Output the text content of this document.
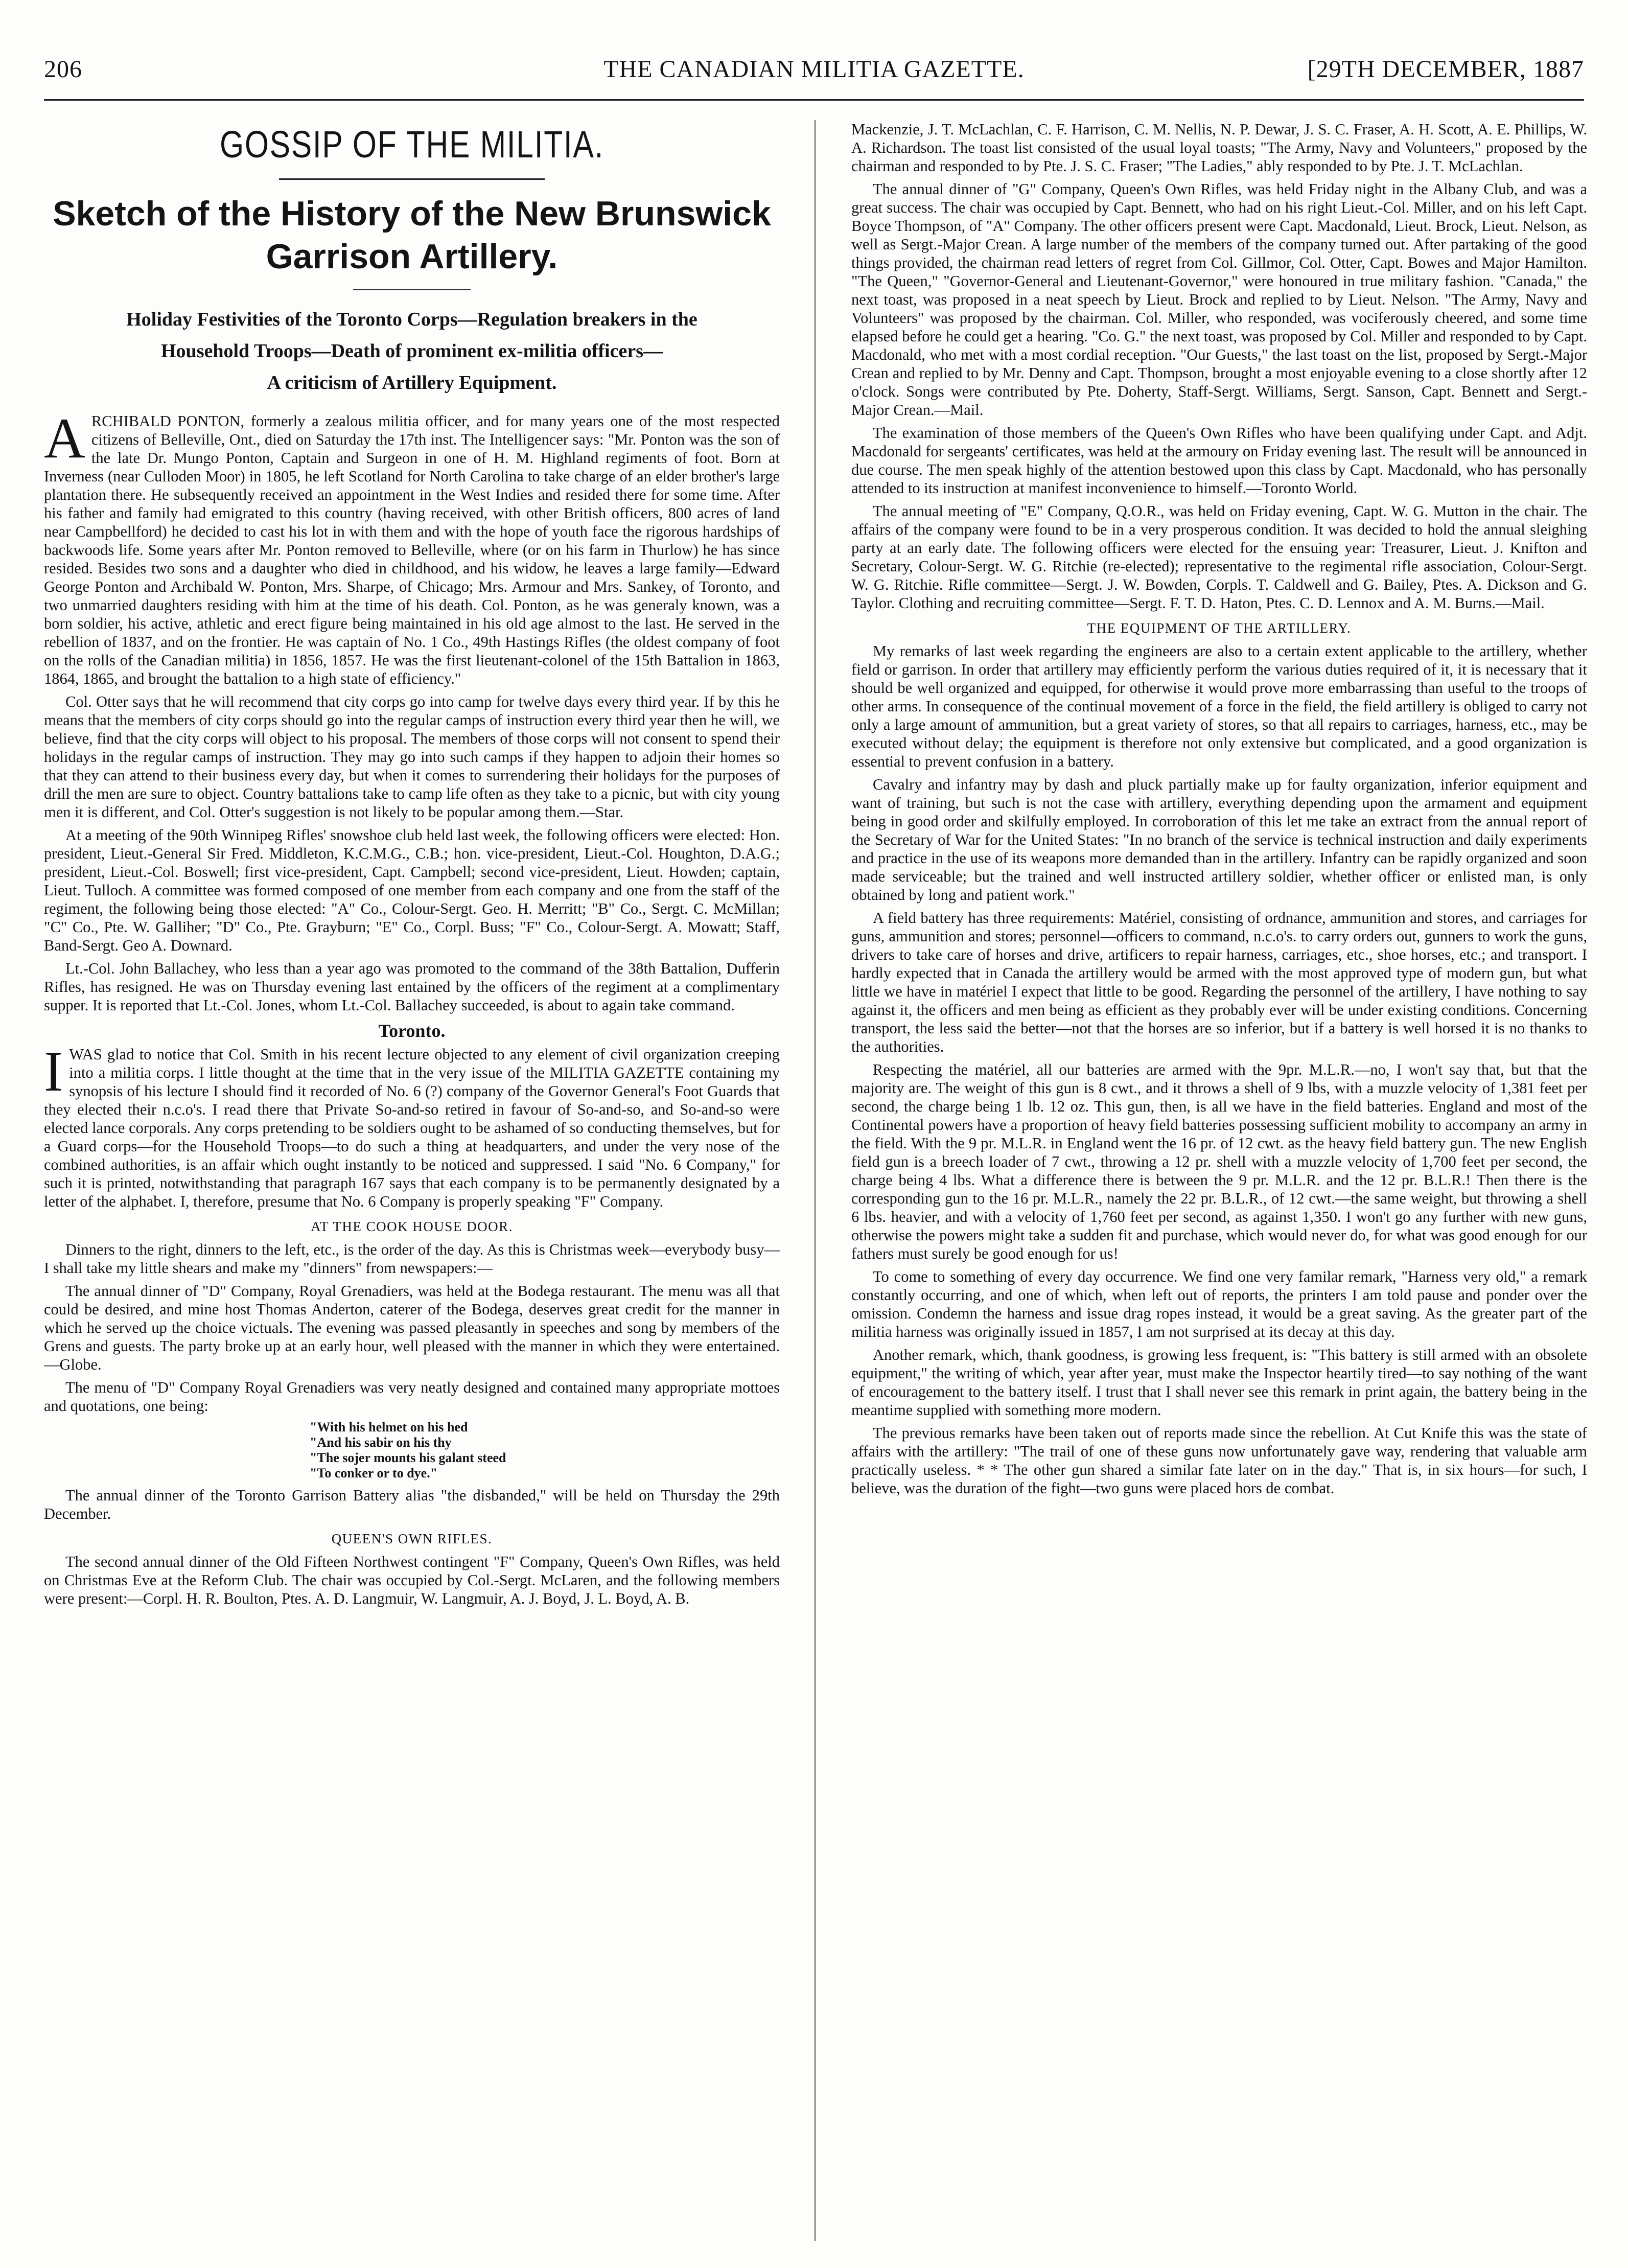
206	THE CANADIAN MILITIA GAZETTE.	[29TH DECEMBER, 1887
GOSSIP OF THE MILITIA.
Sketch of the History of the New Brunswick Garrison Artillery.
Holiday Festivities of the Toronto Corps—Regulation breakers in the
Household Troops—Death of prominent ex-militia officers—
A criticism of Artillery Equipment.

ARCHIBALD PONTON, formerly a zealous militia officer, and for many years one of the most respected citizens of Belleville, Ont., died on Saturday the 17th inst. The Intelligencer says: "Mr. Ponton was the son of the late Dr. Mungo Ponton, Captain and Surgeon in one of H. M. Highland regiments of foot. Born at Inverness (near Culloden Moor) in 1805, he left Scotland for North Carolina to take charge of an elder brother's large plantation there. He subsequently received an appointment in the West Indies and resided there for some time. After his father and family had emigrated to this country (having received, with other British officers, 800 acres of land near Campbellford) he decided to cast his lot in with them and with the hope of youth face the rigorous hardships of backwoods life. Some years after Mr. Ponton removed to Belleville, where (or on his farm in Thurlow) he has since resided. Besides two sons and a daughter who died in childhood, and his widow, he leaves a large family—Edward George Ponton and Archibald W. Ponton, Mrs. Sharpe, of Chicago; Mrs. Armour and Mrs. Sankey, of Toronto, and two unmarried daughters residing with him at the time of his death. Col. Ponton, as he was generaly known, was a born soldier, his active, athletic and erect figure being maintained in his old age almost to the last. He served in the rebellion of 1837, and on the frontier. He was captain of No. 1 Co., 49th Hastings Rifles (the oldest company of foot on the rolls of the Canadian militia) in 1856, 1857. He was the first lieutenant-colonel of the 15th Battalion in 1863, 1864, 1865, and brought the battalion to a high state of efficiency."

Col. Otter says that he will recommend that city corps go into camp for twelve days every third year. If by this he means that the members of city corps should go into the regular camps of instruction every third year then he will, we believe, find that the city corps will object to his proposal. The members of those corps will not consent to spend their holidays in the regular camps of instruction. They may go into such camps if they happen to adjoin their homes so that they can attend to their business every day, but when it comes to surrendering their holidays for the purposes of drill the men are sure to object. Country battalions take to camp life often as they take to a picnic, but with city young men it is different, and Col. Otter's suggestion is not likely to be popular among them.—Star.

At a meeting of the 90th Winnipeg Rifles' snowshoe club held last week, the following officers were elected: Hon. president, Lieut.-General Sir Fred. Middleton, K.C.M.G., C.B.; hon. vice-president, Lieut.-Col. Houghton, D.A.G.; president, Lieut.-Col. Boswell; first vice-president, Capt. Campbell; second vice-president, Lieut. Howden; captain, Lieut. Tulloch. A committee was formed composed of one member from each company and one from the staff of the regiment, the following being those elected: "A" Co., Colour-Sergt. Geo. H. Merritt; "B" Co., Sergt. C. McMillan; "C" Co., Pte. W. Galliher; "D" Co., Pte. Grayburn; "E" Co., Corpl. Buss; "F" Co., Colour-Sergt. A. Mowatt; Staff, Band-Sergt. Geo A. Downard.

Lt.-Col. John Ballachey, who less than a year ago was promoted to the command of the 38th Battalion, Dufferin Rifles, has resigned. He was on Thursday evening last entained by the officers of the regiment at a complimentary supper. It is reported that Lt.-Col. Jones, whom Lt.-Col. Ballachey succeeded, is about to again take command.

Toronto.

IWAS glad to notice that Col. Smith in his recent lecture objected to any element of civil organization creeping into a militia corps. I little thought at the time that in the very issue of the MILITIA GAZETTE containing my synopsis of his lecture I should find it recorded of No. 6 (?) company of the Governor General's Foot Guards that they elected their n.c.o's. I read there that Private So-and-so retired in favour of So-and-so, and So-and-so were elected lance corporals. Any corps pretending to be soldiers ought to be ashamed of so conducting themselves, but for a Guard corps—for the Household Troops—to do such a thing at headquarters, and under the very nose of the combined authorities, is an affair which ought instantly to be noticed and suppressed. I said "No. 6 Company," for such it is printed, notwithstanding that paragraph 167 says that each company is to be permanently designated by a letter of the alphabet. I, therefore, presume that No. 6 Company is properly speaking "F" Company.

AT THE COOK HOUSE DOOR.

Dinners to the right, dinners to the left, etc., is the order of the day. As this is Christmas week—everybody busy—I shall take my little shears and make my "dinners" from newspapers:—

The annual dinner of "D" Company, Royal Grenadiers, was held at the Bodega restaurant. The menu was all that could be desired, and mine host Thomas Anderton, caterer of the Bodega, deserves great credit for the manner in which he served up the choice victuals. The evening was passed pleasantly in speeches and song by members of the Grens and guests. The party broke up at an early hour, well pleased with the manner in which they were entertained.—Globe.

The menu of "D" Company Royal Grenadiers was very neatly designed and contained many appropriate mottoes and quotations, one being:

"With his helmet on his hed
"And his sabir on his thy
"The sojer mounts his galant steed
"To conker or to dye."

The annual dinner of the Toronto Garrison Battery alias "the disbanded," will be held on Thursday the 29th December.

QUEEN'S OWN RIFLES.

The second annual dinner of the Old Fifteen Northwest contingent "F" Company, Queen's Own Rifles, was held on Christmas Eve at the Reform Club. The chair was occupied by Col.-Sergt. McLaren, and the following members were present:—Corpl. H. R. Boulton, Ptes. A. D. Langmuir, W. Langmuir, A. J. Boyd, J. L. Boyd, A. B.

Mackenzie, J. T. McLachlan, C. F. Harrison, C. M. Nellis, N. P. Dewar, J. S. C. Fraser, A. H. Scott, A. E. Phillips, W. A. Richardson. The toast list consisted of the usual loyal toasts; "The Army, Navy and Volunteers," proposed by the chairman and responded to by Pte. J. S. C. Fraser; "The Ladies," ably responded to by Pte. J. T. McLachlan.

The annual dinner of "G" Company, Queen's Own Rifles, was held Friday night in the Albany Club, and was a great success. The chair was occupied by Capt. Bennett, who had on his right Lieut.-Col. Miller, and on his left Capt. Boyce Thompson, of "A" Company. The other officers present were Capt. Macdonald, Lieut. Brock, Lieut. Nelson, as well as Sergt.-Major Crean. A large number of the members of the company turned out. After partaking of the good things provided, the chairman read letters of regret from Col. Gillmor, Col. Otter, Capt. Bowes and Major Hamilton. "The Queen," "Governor-General and Lieutenant-Governor," were honoured in true military fashion. "Canada," the next toast, was proposed in a neat speech by Lieut. Brock and replied to by Lieut. Nelson. "The Army, Navy and Volunteers" was proposed by the chairman. Col. Miller, who responded, was vociferously cheered, and some time elapsed before he could get a hearing. "Co. G." the next toast, was proposed by Col. Miller and responded to by Capt. Macdonald, who met with a most cordial reception. "Our Guests," the last toast on the list, proposed by Sergt.-Major Crean and replied to by Mr. Denny and Capt. Thompson, brought a most enjoyable evening to a close shortly after 12 o'clock. Songs were contributed by Pte. Doherty, Staff-Sergt. Williams, Sergt. Sanson, Capt. Bennett and Sergt.-Major Crean.—Mail.

The examination of those members of the Queen's Own Rifles who have been qualifying under Capt. and Adjt. Macdonald for sergeants' certificates, was held at the armoury on Friday evening last. The result will be announced in due course. The men speak highly of the attention bestowed upon this class by Capt. Macdonald, who has personally attended to its instruction at manifest inconvenience to himself.—Toronto World.

The annual meeting of "E" Company, Q.O.R., was held on Friday evening, Capt. W. G. Mutton in the chair. The affairs of the company were found to be in a very prosperous condition. It was decided to hold the annual sleighing party at an early date. The following officers were elected for the ensuing year: Treasurer, Lieut. J. Knifton and Secretary, Colour-Sergt. W. G. Ritchie (re-elected); representative to the regimental rifle association, Colour-Sergt. W. G. Ritchie. Rifle committee—Sergt. J. W. Bowden, Corpls. T. Caldwell and G. Bailey, Ptes. A. Dickson and G. Taylor. Clothing and recruiting committee—Sergt. F. T. D. Haton, Ptes. C. D. Lennox and A. M. Burns.—Mail.

THE EQUIPMENT OF THE ARTILLERY.

My remarks of last week regarding the engineers are also to a certain extent applicable to the artillery, whether field or garrison. In order that artillery may efficiently perform the various duties required of it, it is necessary that it should be well organized and equipped, for otherwise it would prove more embarrassing than useful to the troops of other arms. In consequence of the continual movement of a force in the field, the field artillery is obliged to carry not only a large amount of ammunition, but a great variety of stores, so that all repairs to carriages, harness, etc., may be executed without delay; the equipment is therefore not only extensive but complicated, and a good organization is essential to prevent confusion in a battery.

Cavalry and infantry may by dash and pluck partially make up for faulty organization, inferior equipment and want of training, but such is not the case with artillery, everything depending upon the armament and equipment being in good order and skilfully employed. In corroboration of this let me take an extract from the annual report of the Secretary of War for the United States: "In no branch of the service is technical instruction and daily experiments and practice in the use of its weapons more demanded than in the artillery. Infantry can be rapidly organized and soon made serviceable; but the trained and well instructed artillery soldier, whether officer or enlisted man, is only obtained by long and patient work."

A field battery has three requirements: Matériel, consisting of ordnance, ammunition and stores, and carriages for guns, ammunition and stores; personnel—officers to command, n.c.o's. to carry orders out, gunners to work the guns, drivers to take care of horses and drive, artificers to repair harness, carriages, etc., shoe horses, etc.; and transport. I hardly expected that in Canada the artillery would be armed with the most approved type of modern gun, but what little we have in matériel I expect that little to be good. Regarding the personnel of the artillery, I have nothing to say against it, the officers and men being as efficient as they probably ever will be under existing conditions. Concerning transport, the less said the better—not that the horses are so inferior, but if a battery is well horsed it is no thanks to the authorities.

Respecting the matériel, all our batteries are armed with the 9pr. M.L.R.—no, I won't say that, but that the majority are. The weight of this gun is 8 cwt., and it throws a shell of 9 lbs, with a muzzle velocity of 1,381 feet per second, the charge being 1 lb. 12 oz. This gun, then, is all we have in the field batteries. England and most of the Continental powers have a proportion of heavy field batteries possessing sufficient mobility to accompany an army in the field. With the 9 pr. M.L.R. in England went the 16 pr. of 12 cwt. as the heavy field battery gun. The new English field gun is a breech loader of 7 cwt., throwing a 12 pr. shell with a muzzle velocity of 1,700 feet per second, the charge being 4 lbs. What a difference there is between the 9 pr. M.L.R. and the 12 pr. B.L.R.! Then there is the corresponding gun to the 16 pr. M.L.R., namely the 22 pr. B.L.R., of 12 cwt.—the same weight, but throwing a shell 6 lbs. heavier, and with a velocity of 1,760 feet per second, as against 1,350. I won't go any further with new guns, otherwise the powers might take a sudden fit and purchase, which would never do, for what was good enough for our fathers must surely be good enough for us!

To come to something of every day occurrence. We find one very familar remark, "Harness very old," a remark constantly occurring, and one of which, when left out of reports, the printers I am told pause and ponder over the omission. Condemn the harness and issue drag ropes instead, it would be a great saving. As the greater part of the militia harness was originally issued in 1857, I am not surprised at its decay at this day.

Another remark, which, thank goodness, is growing less frequent, is: "This battery is still armed with an obsolete equipment," the writing of which, year after year, must make the Inspector heartily tired—to say nothing of the want of encouragement to the battery itself. I trust that I shall never see this remark in print again, the battery being in the meantime supplied with something more modern.

The previous remarks have been taken out of reports made since the rebellion. At Cut Knife this was the state of affairs with the artillery: "The trail of one of these guns now unfortunately gave way, rendering that valuable arm practically useless. * * The other gun shared a similar fate later on in the day." That is, in six hours—for such, I believe, was the duration of the fight—two guns were placed hors de combat.
